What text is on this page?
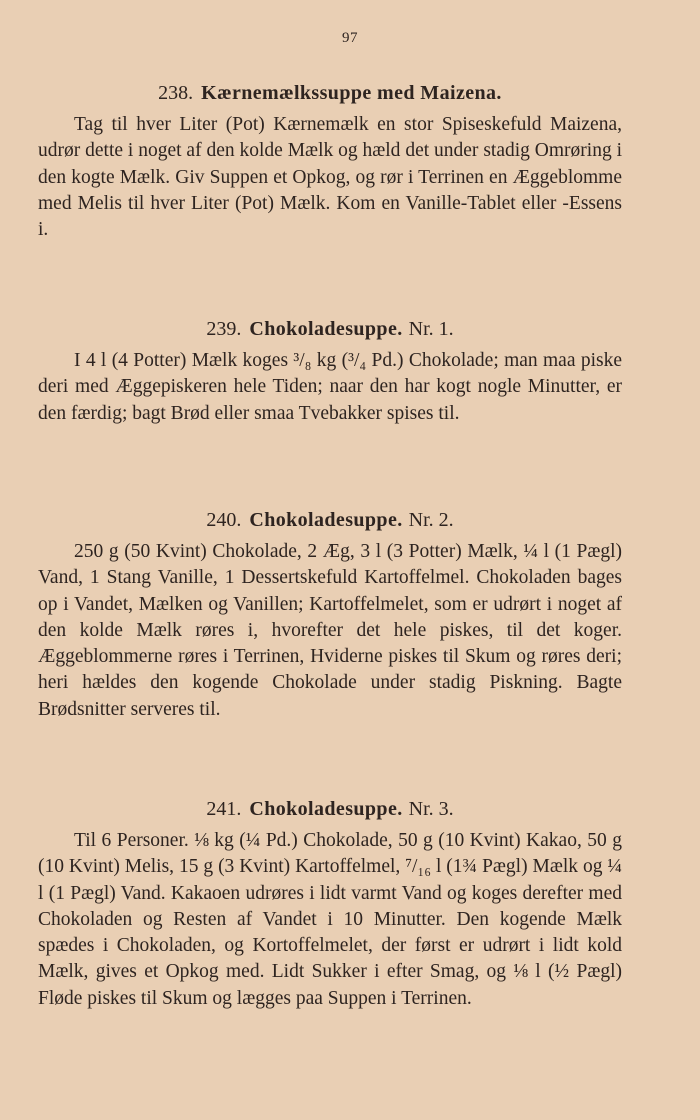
97
238. Kærnemælkssuppe med Maizena.

Tag til hver Liter (Pot) Kærnemælk en stor Spiseskefuld Maizena, udrør dette i noget af den kolde Mælk og hæld det under stadig Omrøring i den kogte Mælk. Giv Suppen et Opkog, og rør i Terrinen en Æggeblomme med Melis til hver Liter (Pot) Mælk. Kom en Vanille-Tablet eller -Essens i.

239. Chokoladesuppe. Nr. 1.

I 4 l (4 Potter) Mælk koges ³/₈ kg (³/₄ Pd.) Chokolade; man maa piske deri med Æggepiskeren hele Tiden; naar den har kogt nogle Minutter, er den færdig; bagt Brød eller smaa Tvebakker spises til.

240. Chokoladesuppe. Nr. 2.

250 g (50 Kvint) Chokolade, 2 Æg, 3 l (3 Potter) Mælk, ¼ l (1 Pægl) Vand, 1 Stang Vanille, 1 Dessertskefuld Kartoffelmel. Chokoladen bages op i Vandet, Mælken og Vanillen; Kartoffelmelet, som er udrørt i noget af den kolde Mælk røres i, hvorefter det hele piskes, til det koger. Æggeblommerne røres i Terrinen, Hviderne piskes til Skum og røres deri; heri hældes den kogende Chokolade under stadig Piskning. Bagte Brødsnitter serveres til.

241. Chokoladesuppe. Nr. 3.

Til 6 Personer. ⅛ kg (¼ Pd.) Chokolade, 50 g (10 Kvint) Kakao, 50 g (10 Kvint) Melis, 15 g (3 Kvint) Kartoffelmel, ⁷/₁₆ l (1¾ Pægl) Mælk og ¼ l (1 Pægl) Vand. Kakaoen udrøres i lidt varmt Vand og koges derefter med Chokoladen og Resten af Vandet i 10 Minutter. Den kogende Mælk spædes i Chokoladen, og Kortoffelmelet, der først er udrørt i lidt kold Mælk, gives et Opkog med. Lidt Sukker i efter Smag, og ⅛ l (½ Pægl) Fløde piskes til Skum og lægges paa Suppen i Terrinen.
